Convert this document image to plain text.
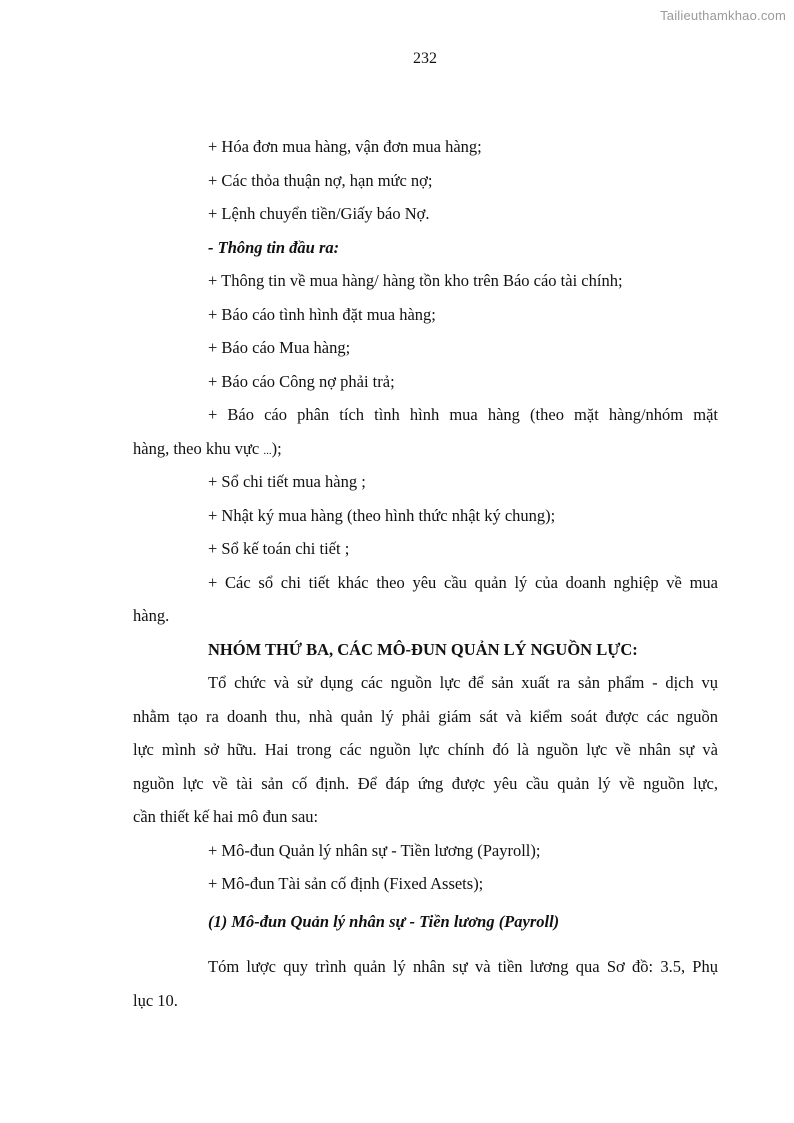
Tailieuthamkhao.com
232
+ Hóa đơn mua hàng, vận đơn mua hàng;
+ Các thỏa thuận nợ, hạn mức nợ;
+ Lệnh chuyển tiền/Giấy báo Nợ.
- Thông tin đầu ra:
+ Thông tin về mua hàng/ hàng tồn kho trên Báo cáo tài chính;
+ Báo cáo tình hình đặt mua hàng;
+ Báo cáo Mua hàng;
+ Báo cáo Công nợ phải trả;
+ Báo cáo phân tích tình hình mua hàng (theo mặt hàng/nhóm mặt
hàng, theo khu vực ...);
+ Sổ chi tiết mua hàng ;
+ Nhật ký mua hàng (theo hình thức nhật ký chung);
+ Sổ kế toán chi tiết ;
+ Các sổ chi tiết khác theo yêu cầu quản lý của doanh nghiệp về mua
hàng.
NHÓM THỨ BA, CÁC MÔ-ĐUN QUẢN LÝ NGUỒN LỰC:
Tổ chức và sử dụng các nguồn lực để sản xuất ra sản phẩm - dịch vụ
nhằm tạo ra doanh thu, nhà quản lý phải giám sát và kiểm soát được các nguồn
lực mình sở hữu. Hai trong các nguồn lực chính đó là nguồn lực về nhân sự và
nguồn lực về tài sản cố định. Để đáp ứng được yêu cầu quản lý về nguồn lực,
cần thiết kế hai mô đun sau:
+ Mô-đun Quản lý nhân sự - Tiền lương (Payroll);
+ Mô-đun Tài sản cố định (Fixed Assets);
(1) Mô-đun Quản lý nhân sự - Tiền lương (Payroll)
Tóm lược quy trình quản lý nhân sự và tiền lương qua Sơ đồ: 3.5, Phụ
lục 10.
